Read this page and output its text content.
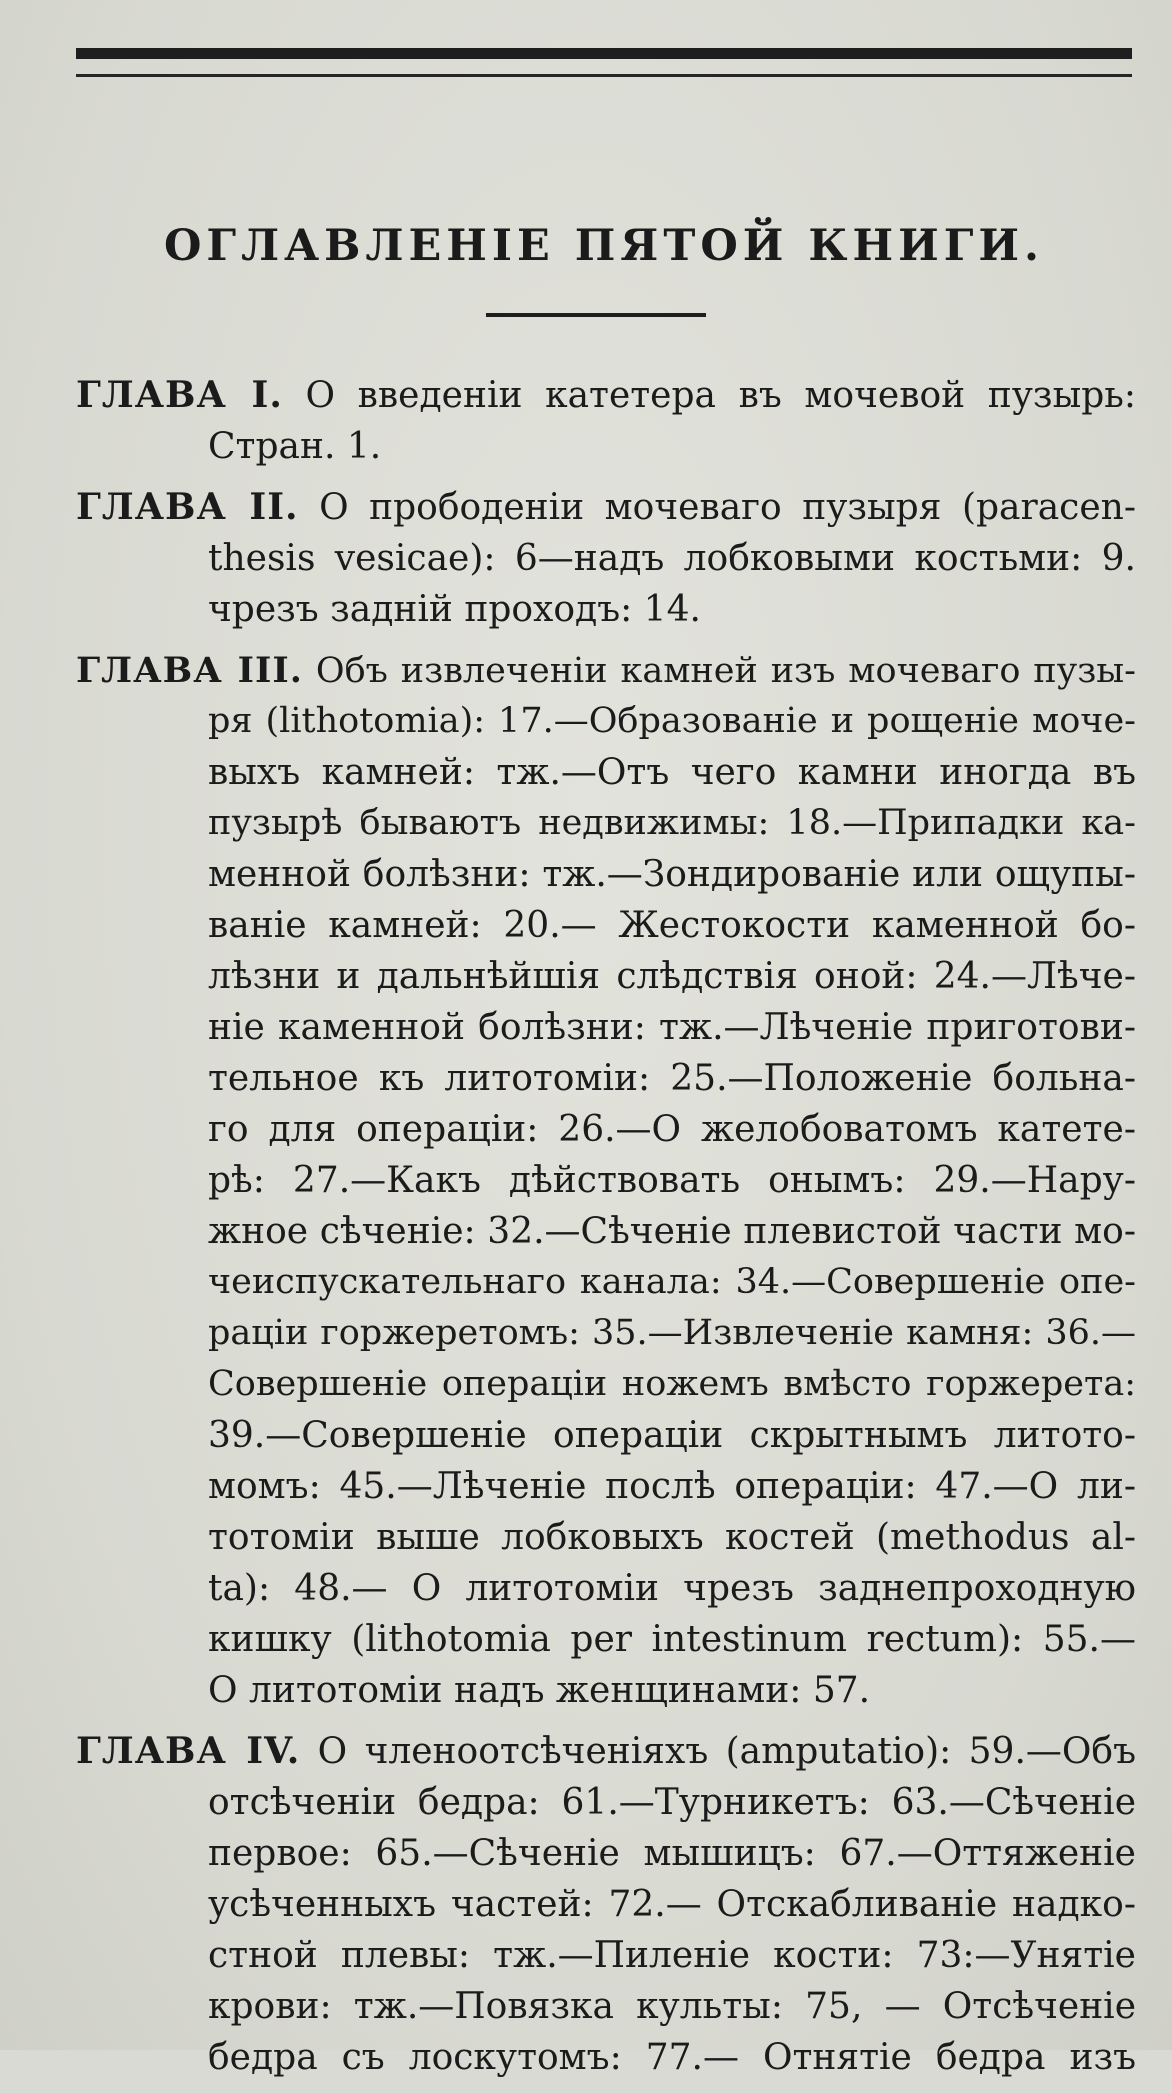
ОГЛАВЛЕНІЕ ПЯТОЙ КНИГИ.
ГЛАВА I. О введеніи катетера въ мочевой пузырь:
Стран. 1.
ГЛАВА II. О прободеніи мочеваго пузыря (paracen-
thesis vesicae): 6—надъ лобковыми костьми: 9.
чрезъ задній проходъ: 14.
ГЛАВА III. Объ извлеченіи камней изъ мочеваго пузы-
ря (lithotomia): 17.—Образованіе и рощеніе моче-
выхъ камней: тж.—Отъ чего камни иногда въ
пузырѣ бываютъ недвижимы: 18.—Припадки ка-
менной болѣзни: тж.—Зондированіе или ощупы-
ваніе камней: 20.— Жестокости каменной бо-
лѣзни и дальнѣйшія слѣдствія оной: 24.—Лѣче-
ніе каменной болѣзни: тж.—Лѣченіе приготови-
тельное къ литотоміи: 25.—Положеніе больна-
го для операціи: 26.—О желобоватомъ катете-
рѣ: 27.—Какъ дѣйствовать онымъ: 29.—Нару-
жное сѣченіе: 32.—Сѣченіе плевистой части мо-
чеиспускательнаго канала: 34.—Совершеніе опе-
раціи горжеретомъ: 35.—Извлеченіе камня: 36.—
Совершеніе операціи ножемъ вмѣсто горжерета:
39.—Совершеніе операціи скрытнымъ литото-
момъ: 45.—Лѣченіе послѣ операціи: 47.—О ли-
тотоміи выше лобковыхъ костей (methodus al-
ta): 48.— О литотоміи чрезъ заднепроходную
кишку (lithotomia per intestinum rectum): 55.—
О литотоміи надъ женщинами: 57.
ГЛАВА IV. О членоотсѣченіяхъ (amputatio): 59.—Объ
отсѣченіи бедра: 61.—Турникетъ: 63.—Сѣченіе
первое: 65.—Сѣченіе мышицъ: 67.—Оттяженіе
усѣченныхъ частей: 72.— Отскабливаніе надко-
стной плевы: тж.—Пиленіе кости: 73:—Унятіе
крови: тж.—Повязка культы: 75, — Отсѣченіе
бедра съ лоскутомъ: 77.— Отнятіе бедра изъ
